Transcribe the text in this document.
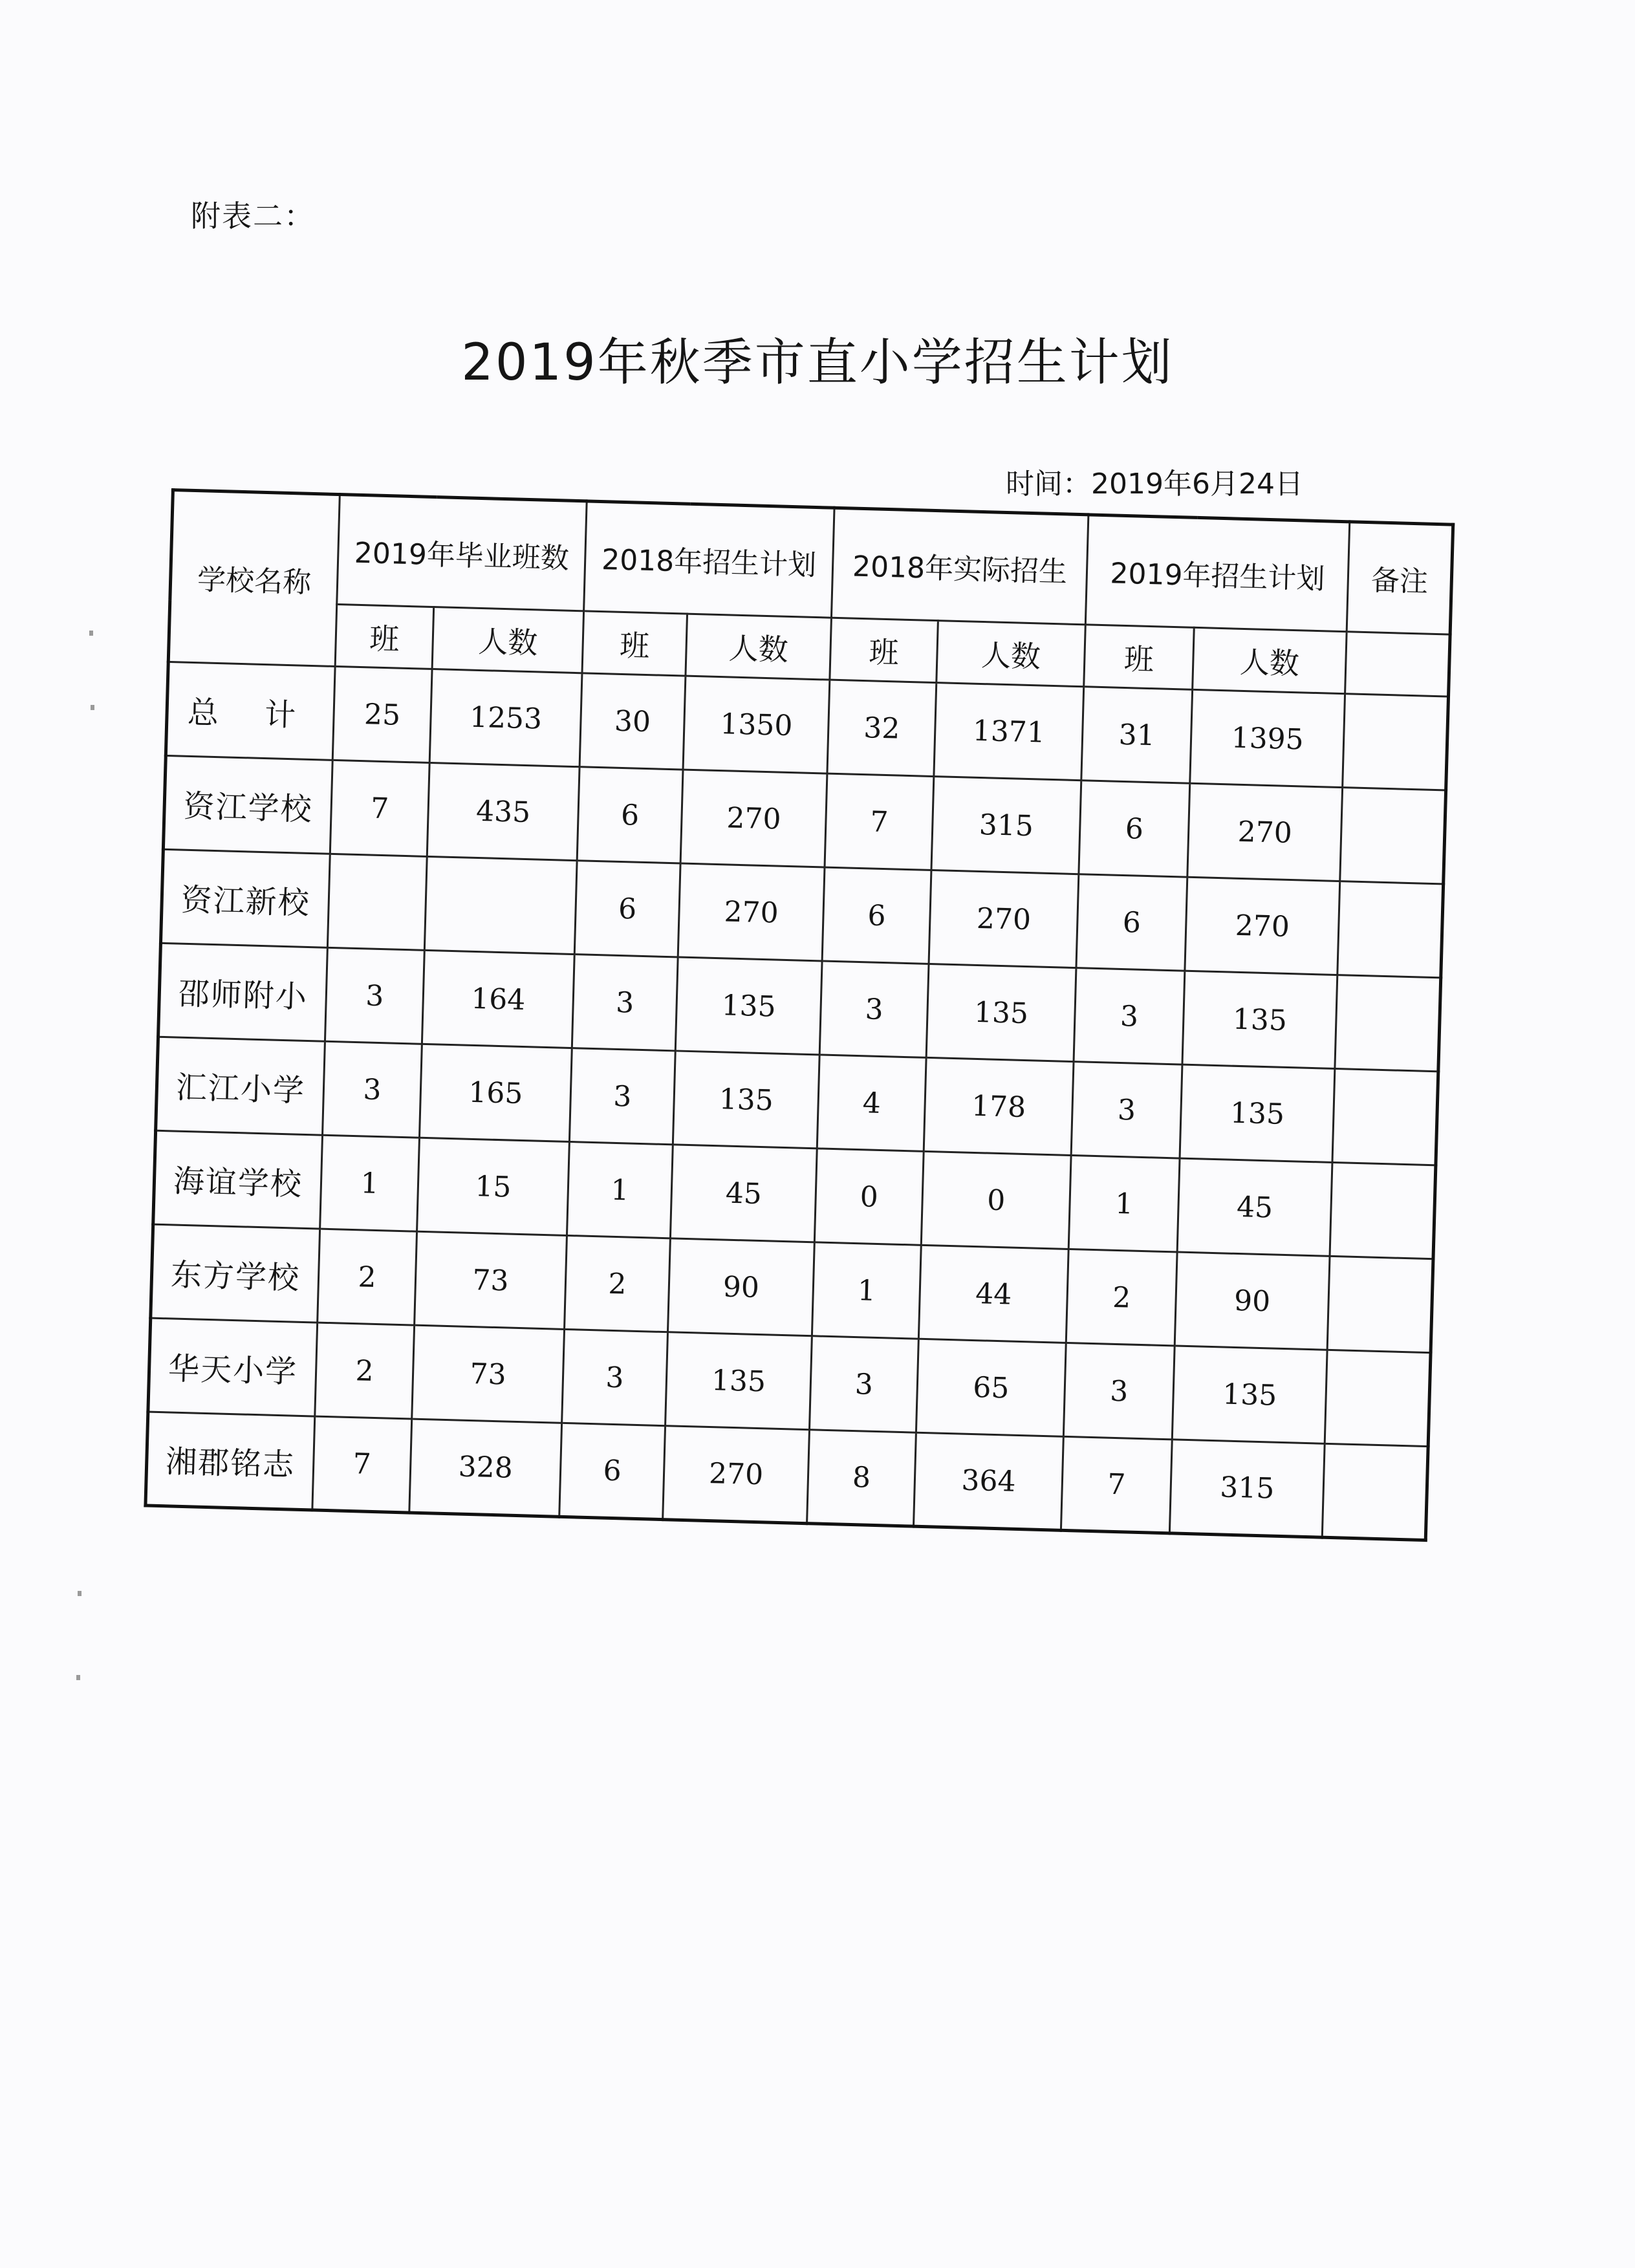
附表二：
2019年秋季市直小学招生计划
时间：2019年6月24日
学校名称	2019年毕业班数		2018年招生计划		2018年实际招生		2019年招生计划		备注
	班	人数	班	人数	班	人数	班	人数	
总 计	25	1253	30	1350	32	1371	31	1395	
资江学校	7	435	6	270	7	315	6	270	
资江新校			6	270	6	270	6	270	
邵师附小	3	164	3	135	3	135	3	135	
汇江小学	3	165	3	135	4	178	3	135	
海谊学校	1	15	1	45	0	0	1	45	
东方学校	2	73	2	90	1	44	2	90	
华天小学	2	73	3	135	3	65	3	135	
湘郡铭志	7	328	6	270	8	364	7	315	
